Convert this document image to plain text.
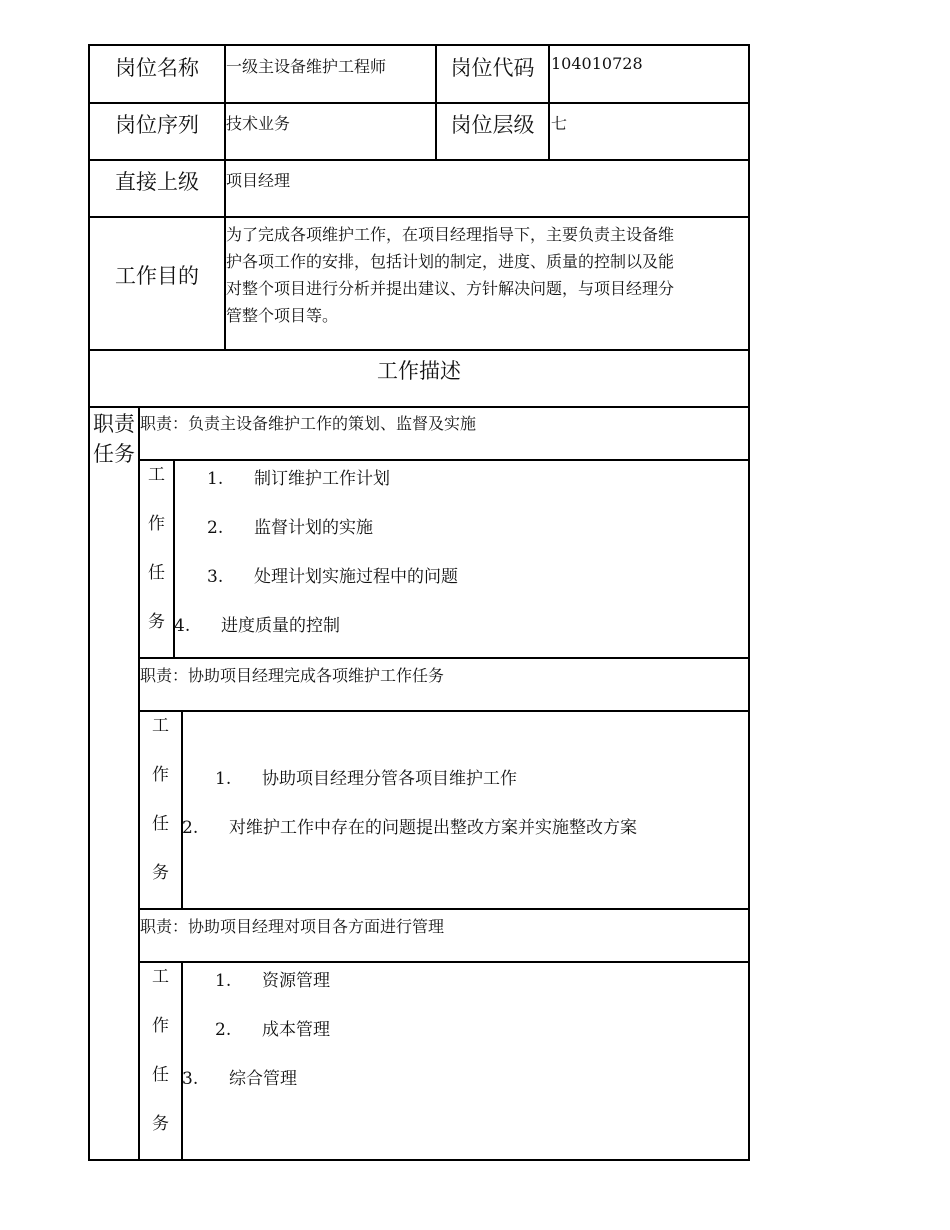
岗位名称	一级主设备维护工程师	岗位代码	104010728
岗位序列	技术业务	岗位层级	七
直接上级	项目经理
工作目的
为了完成各项维护工作，在项目经理指导下，主要负责主设备维
护各项工作的安排，包括计划的制定，进度、质量的控制以及能
对整个项目进行分析并提出建议、方针解决问题，与项目经理分
管整个项目等。
工作描述
职责
任务
职责：负责主设备维护工作的策划、监督及实施
工
作
任
务
1. 制订维护工作计划
2. 监督计划的实施
3. 处理计划实施过程中的问题
4. 进度质量的控制
职责：协助项目经理完成各项维护工作任务
工
作
任
务
1. 协助项目经理分管各项目维护工作
2. 对维护工作中存在的问题提出整改方案并实施整改方案
职责：协助项目经理对项目各方面进行管理
工
作
任
务
1. 资源管理
2. 成本管理
3. 综合管理
